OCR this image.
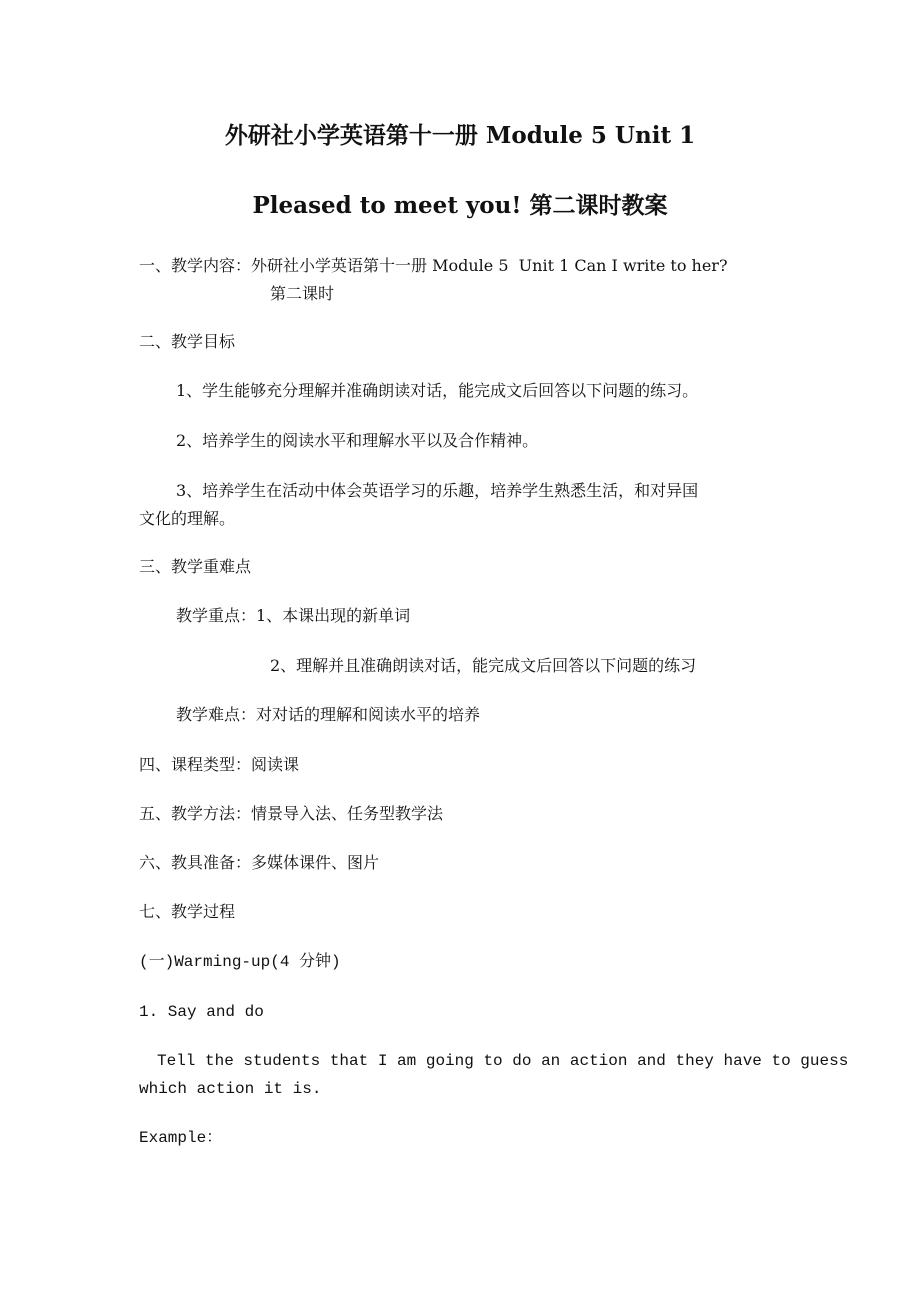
外研社小学英语第十一册 Module 5 Unit 1
Pleased to meet you! 第二课时教案
一、教学内容：外研社小学英语第十一册 Module 5  Unit 1 Can I write to her?
第二课时
二、教学目标
1、学生能够充分理解并准确朗读对话，能完成文后回答以下问题的练习。
2、培养学生的阅读水平和理解水平以及合作精神。
3、培养学生在活动中体会英语学习的乐趣，培养学生熟悉生活，和对异国
文化的理解。
三、教学重难点
教学重点：1、本课出现的新单词
2、理解并且准确朗读对话，能完成文后回答以下问题的练习
教学难点：对对话的理解和阅读水平的培养
四、课程类型：阅读课
五、教学方法：情景导入法、任务型教学法
六、教具准备：多媒体课件、图片
七、教学过程
(一)Warming-up(4 分钟)
1. Say and do
Tell the students that I am going to do an action and they have to guess
which action it is.
Example：
